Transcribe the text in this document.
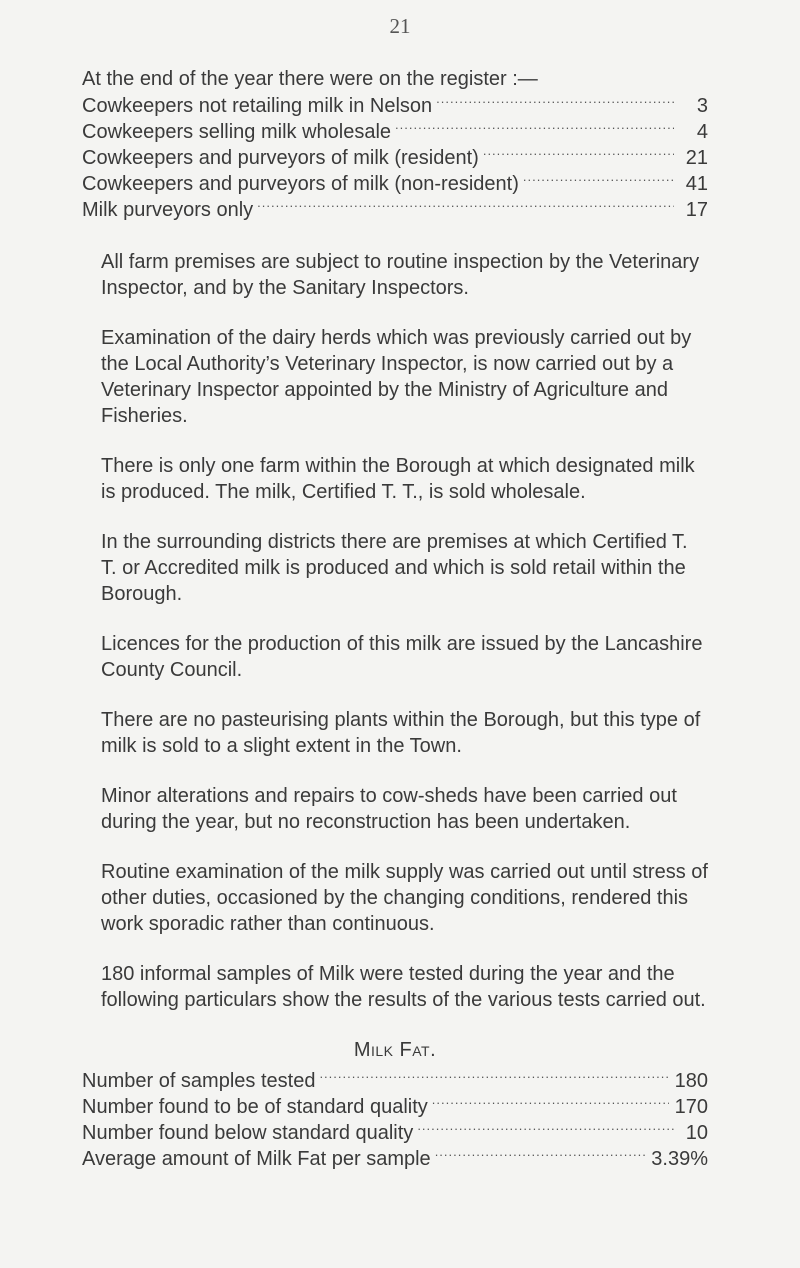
21

At the end of the year there were on the register :—

Cowkeepers not retailing milk in Nelson .....	3
Cowkeepers selling milk wholesale .....	4
Cowkeepers and purveyors of milk (resident) .....	21
Cowkeepers and purveyors of milk (non-resident) .....	41
Milk purveyors only .....	17

All farm premises are subject to routine inspection by the Veterinary Inspector, and by the Sanitary Inspectors.

Examination of the dairy herds which was previously carried out by the Local Authority’s Veterinary Inspector, is now carried out by a Veterinary Inspector appointed by the Ministry of Agriculture and Fisheries.

There is only one farm within the Borough at which designated milk is produced. The milk, Certified T. T., is sold wholesale.

In the surrounding districts there are premises at which Certified T. T. or Accredited milk is produced and which is sold retail within the Borough.

Licences for the production of this milk are issued by the Lancashire County Council.

There are no pasteurising plants within the Borough, but this type of milk is sold to a slight extent in the Town.

Minor alterations and repairs to cow-sheds have been carried out during the year, but no reconstruction has been undertaken.

Routine examination of the milk supply was carried out until stress of other duties, occasioned by the changing conditions, rendered this work sporadic rather than continuous.

180 informal samples of Milk were tested during the year and the following particulars show the results of the various tests carried out.

Milk Fat.

Number of samples tested .....	180
Number found to be of standard quality .....	170
Number found below standard quality .....	10
Average amount of Milk Fat per sample .....	3.39%
